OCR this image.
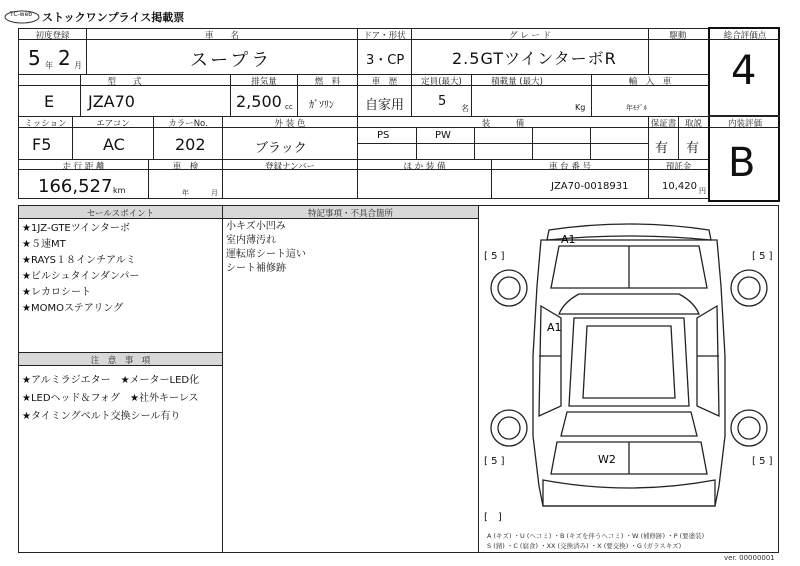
TC-web ストックワンプライス掲載票
初度登録
5 年 2 月
車　　名
スープラ
ドア・形状
3・CP
グ レ ー ド
2.5GTツインターボR
駆動
型　　式
E JZA70
排気量
2,500 cc
燃　料
ｶﾞｿﾘﾝ
車　歴
自家用
定員(最大)
5 名
積載量 (最大)
Kg
輸　入　車
年ﾓﾃﾞﾙ
ミッション
F5
エアコン
AC
カラーNo.
202
外 装 色
ブラック
装　　　備
PS	PW
保証書
有
取説
有
走 行 距 離
166,527 km
車　検
年	月
登録ナンバー	ほ か 装 備	車 台 番 号
JZA70-0018931
預託金
10,420 円
総合評価点
4
内装評価
B
セールスポイント
★1JZ-GTEツインターボ
★５速MT
★RAYS１８インチアルミ
★ビルシュタインダンパー
★レカロシート
★MOMOステアリング
注　意　事　項
★アルミラジエター　★メーターLED化
★LEDヘッド＆フォグ　★社外キーレス
★タイミングベルト交換シール有り
特記事項・不具合箇所
小キズ小凹み
室内薄汚れ
運転席シート這い
シート補修跡
A1
A1
W2
[ 5 ]	[ 5 ]
[ 5 ]	[ 5 ]
[　]
A (キズ) ・U (へコミ) ・B (キズを伴うへコミ) ・W (補修跡) ・P (要塗装)
S (錆) ・C (腐食) ・XX (交換済み) ・X (要交換) ・G (ガラスキズ)
ver. 00000001
